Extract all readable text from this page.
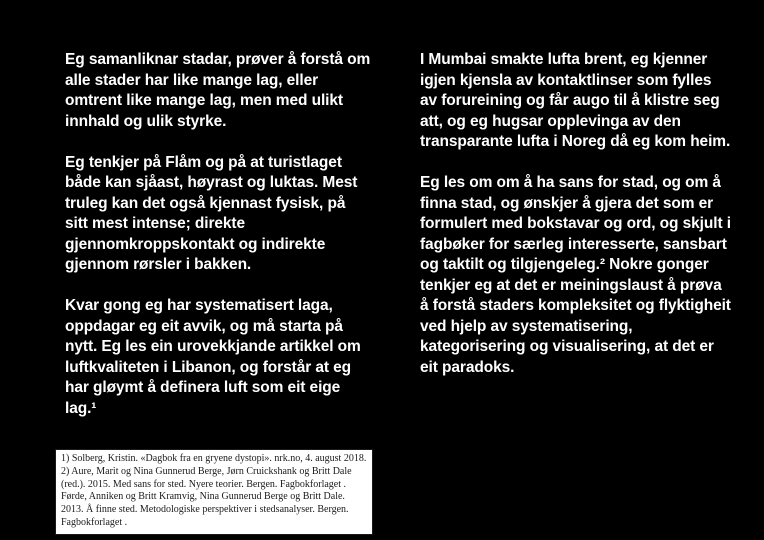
Eg samanliknar stadar, prøver å forstå om alle stader har like mange lag, eller omtrent like mange lag, men med ulikt innhald og ulik styrke.

Eg tenkjer på Flåm og på at turistlaget både kan sjåast, høyrast og luktas. Mest truleg kan det også kjennast fysisk, på sitt mest intense; direkte gjennomkroppskontakt og indirekte gjennom rørsler i bakken.

Kvar gong eg har systematisert laga, oppdagar eg eit avvik, og må starta på nytt. Eg les ein urovekkjande artikkel om luftkvaliteten i Libanon, og forstår at eg har gløymt å definera luft som eit eige lag.¹

I Mumbai smakte lufta brent, eg kjenner igjen kjensla av kontaktlinser som fylles av forureining og får augo til å klistre seg att, og eg hugsar opplevinga av den transparante lufta i Noreg då eg kom heim.

Eg les om om å ha sans for stad, og om å finna stad, og ønskjer å gjera det som er formulert med bokstavar og ord, og skjult i fagbøker for særleg interesserte, sansbart og taktilt og tilgjengeleg.² Nokre gonger tenkjer eg at det er meiningslaust å prøva å forstå staders kompleksitet og flyktigheit ved hjelp av systematisering, kategorisering og visualisering, at det er eit paradoks.

1) Solberg, Kristin. «Dagbok fra en gryene dystopi». nrk.no, 4. august 2018.

2) Aure, Marit og Nina Gunnerud Berge, Jørn Cruickshank og Britt Dale (red.). 2015. Med sans for sted. Nyere teorier. Bergen. Fagbokforlaget . Førde, Anniken og Britt Kramvig, Nina Gunnerud Berge og Britt Dale. 2013. Å finne sted. Metodologiske perspektiver i stedsanalyser. Bergen. Fagbokforlaget .
